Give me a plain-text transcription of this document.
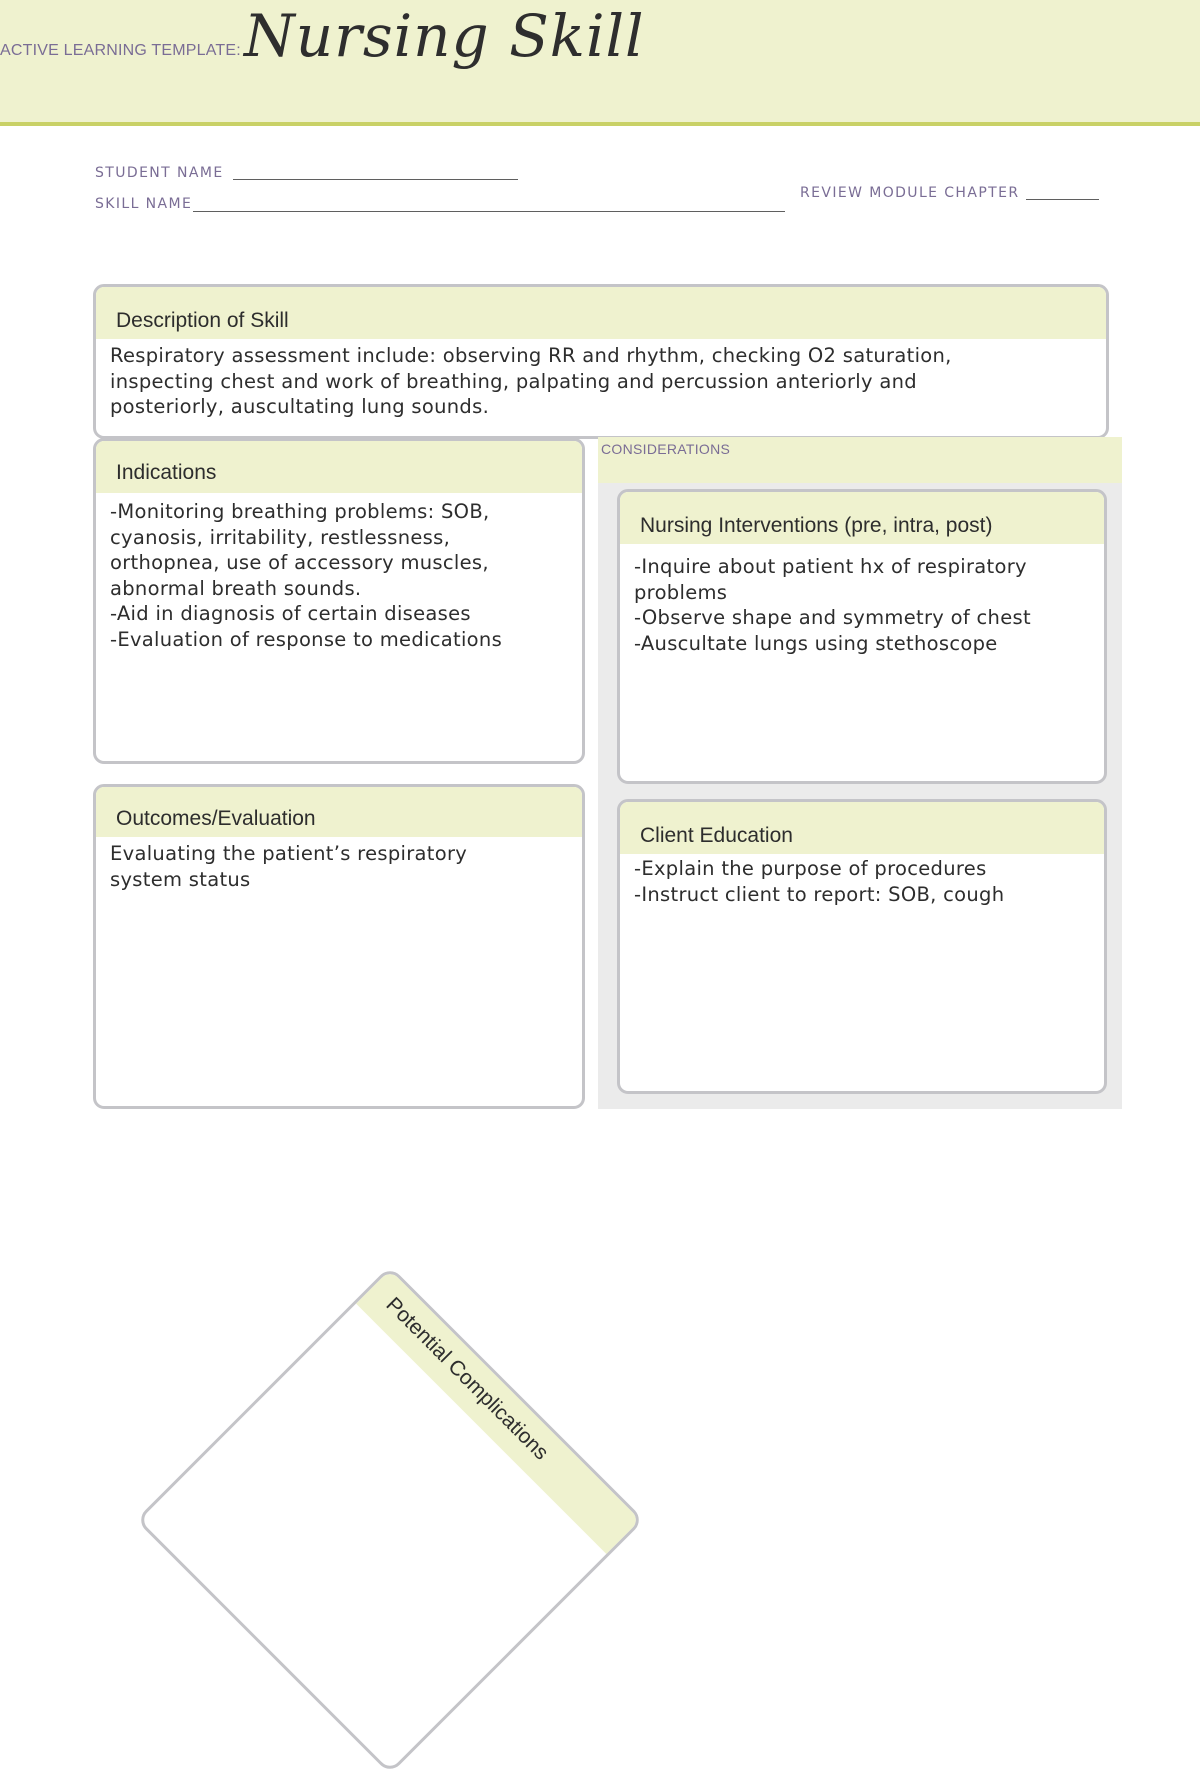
ACTIVE LEARNING TEMPLATE: Nursing Skill
STUDENT NAME
SKILL NAME
REVIEW MODULE CHAPTER
Description of Skill
Respiratory assessment include: observing RR and rhythm, checking O2 saturation,
inspecting chest and work of breathing, palpating and percussion anteriorly and
posteriorly, auscultating lung sounds.
Indications
-Monitoring breathing problems: SOB,
cyanosis, irritability, restlessness,
orthopnea, use of accessory muscles,
abnormal breath sounds.
-Aid in diagnosis of certain diseases
-Evaluation of response to medications
Outcomes/Evaluation
Evaluating the patient’s respiratory
system status
CONSIDERATIONS
Nursing Interventions (pre, intra, post)
-Inquire about patient hx of respiratory
problems
-Observe shape and symmetry of chest
-Auscultate lungs using stethoscope
Client Education
-Explain the purpose of procedures
-Instruct client to report: SOB, cough
Potential Complications
